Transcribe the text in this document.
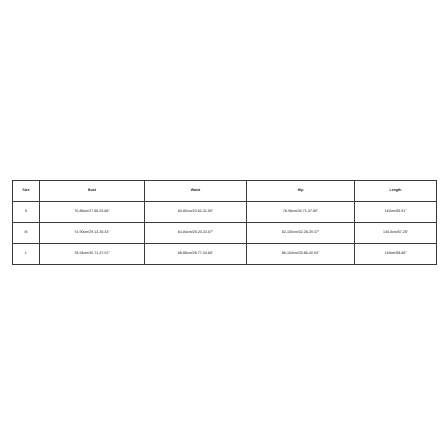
Size	Bust	Waist	Hip	Length
S	70-86cm/27.56-33.86"	60-80cm/23.62-31.50"	78-96cm/30.71-37.80"	142cm/55.91"
M	74-90cm/29.13-35.43"	64-84cm/25.20-33.07"	82-100cm/32.28-39.37"	145.5cm/57.28"
L	78-94cm/30.71-37.01"	68-88cm/26.77-34.65"	86-104cm/33.86-40.94"	149cm/58.66"
